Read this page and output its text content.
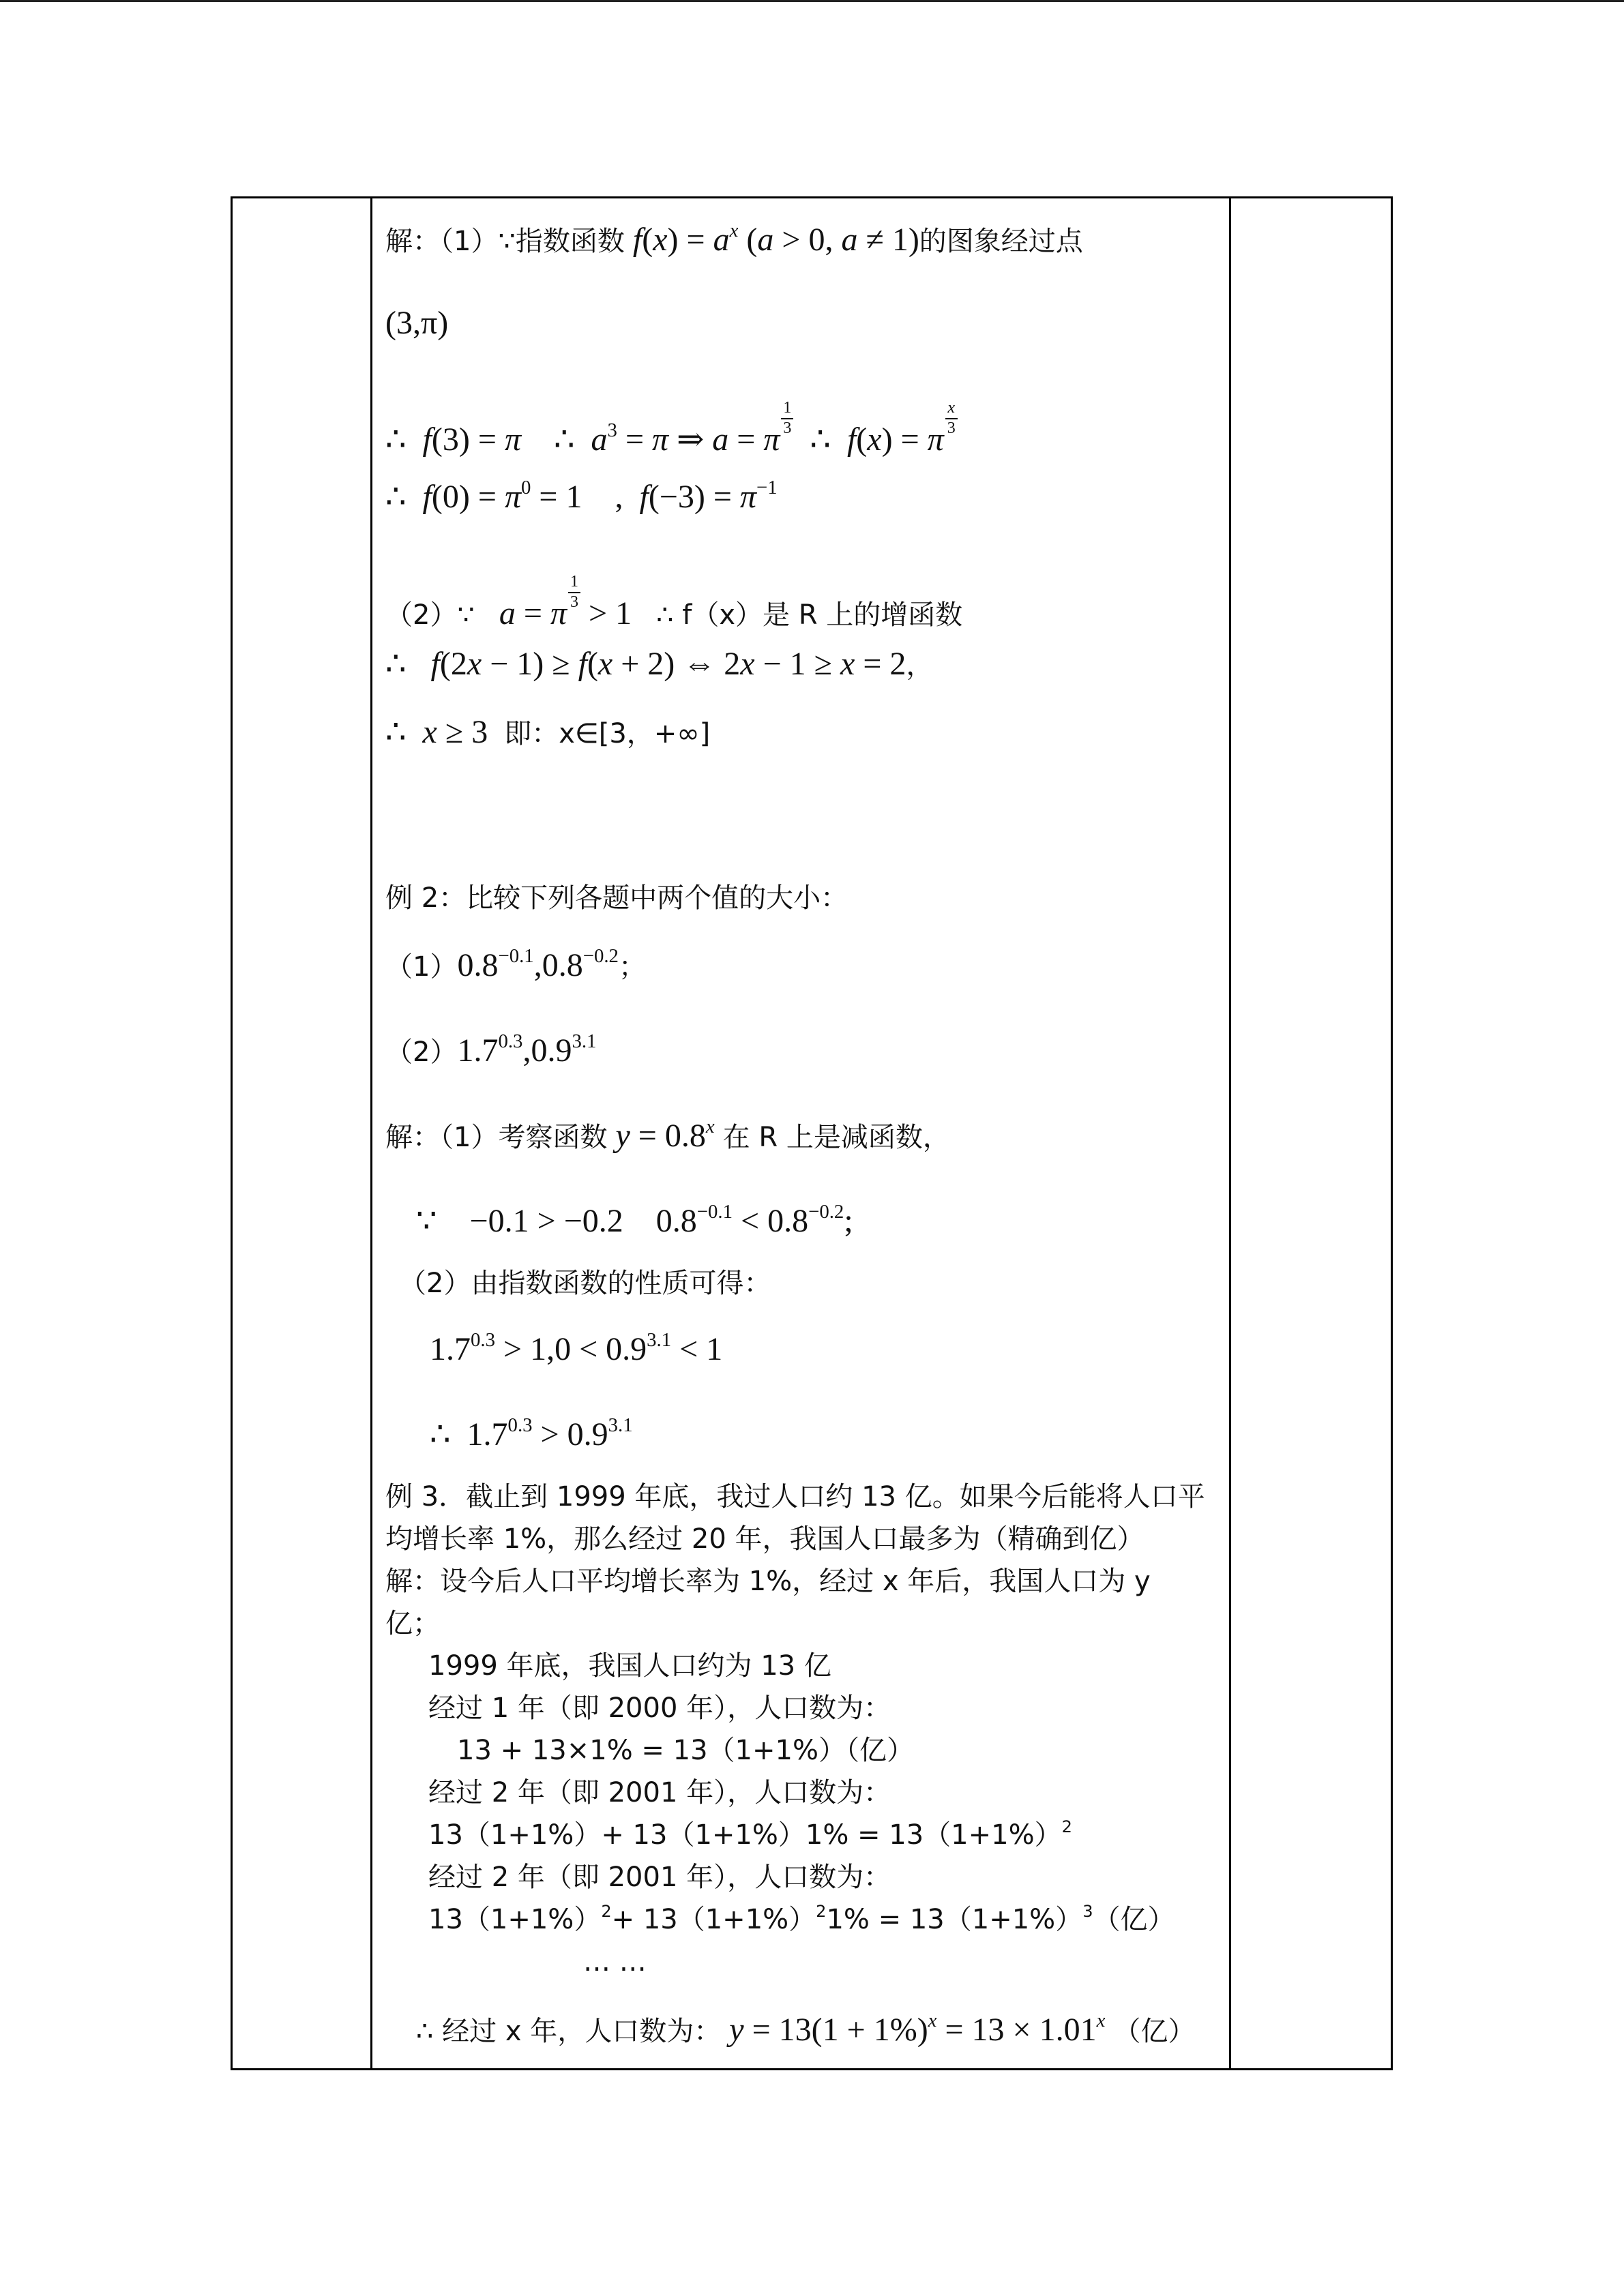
解：（1）∵指数函数 $f(x) = a^x$ (a > 0, a ≠ 1)的图象经过点
(3,π)
∴  f(3) = π    ∴  $a^3 = \pi$ ⇒ a = π
$\frac{1}{3}$
∴  f(x) = π
$\frac{x}{3}$
∴  $f(0) = \pi^0 = 1$    ,  $f(-3) = \pi^{-1}$
（2）∵ a = π
$\frac{1}{3}$
> 1   ∴ f（x）是 R 上的增函数
∴   f(2x − 1) ≥ f(x + 2) ⇔ 2x − 1 ≥ x = 2，
∴  x ≥ 3  即：x∈[3，+∞]
例 2：比较下列各题中两个值的大小：
$(1)0.8^{-0.1},0.8^{-0.2}$；
$(2)1.7^{0.3},0.9^{3.1}$
解：（1）考察函数 $y = 0.8^x$ 在 R 上是减函数，
∵    −0.1 > −0.2    $0.8^{-0.1} < 0.8^{-0.2}$;
（2）由指数函数的性质可得：
$1.7^{0.3} > 1,0 < 0.9^{3.1} < 1$
∴  $1.7^{0.3} > 0.9^{3.1}$
例 3．截止到 1999 年底，我过人口约 13 亿。如果今后能将人口平
均增长率 1%，那么经过 20 年，我国人口最多为（精确到亿）
解：设今后人口平均增长率为 1%，经过 x 年后，我国人口为 y
亿；
1999 年底，我国人口约为 13 亿
经过 1 年（即 2000 年），人口数为：
13 + 13×1% = 13（1+1%）（亿）
经过 2 年（即 2001 年），人口数为：
$13(1+1\%)+ 13(1+1\%)1\% = 13(1+1\%)^2$
经过 2 年（即 2001 年），人口数为：
$13(1+1\%)^2+ 13(1+1\%)^21\% = 13(1+1\%)^3$（亿）
… …
∴ 经过 x 年，人口数为： $y = 13(1 + 1\%)^x = 13 \times 1.01^x$ （亿）
